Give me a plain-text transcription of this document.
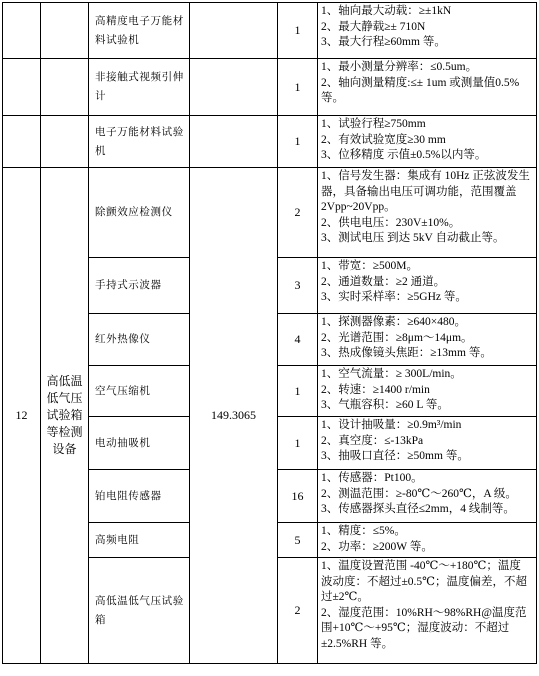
		高精度电子万能材料试验机		1	1、轴向最大动载：≥±1kN
2、最大静载≥± 710N
3、最大行程≥60mm 等。

		非接触式视频引伸计		1	1、最小测量分辨率：≤0.5um。
2、轴向测量精度:≤± 1um 或测量值0.5%等。

		电子万能材料试验机		1	1、试验行程≥750mm
2、有效试验宽度≥30 mm
3、位移精度 示值±0.5%以内等。

12	高低温低气压试验箱等检测设备	除颤效应检测仪	149.3065	2	1、信号发生器：集成有 10Hz 正弦波发生器，具备输出电压可调功能，范围覆盖 2Vpp~20Vpp。
2、供电电压：230V±10%。
3、测试电压 到达 5kV 自动截止等。

		手持式示波器		3	1、带宽：≥500M。
2、通道数量：≥2 通道。
3、实时采样率：≥5GHz 等。

		红外热像仪		4	1、探测器像素：≥640×480。
2、光谱范围：≥8μm～14μm。
3、热成像镜头焦距：≥13mm 等。

		空气压缩机		1	1、空气流量：≥ 300L/min。
2、转速：≥1400 r/min
3、气瓶容积：≥60 L 等。

		电动抽吸机		1	1、设计抽吸量：≥0.9m³/min
2、真空度：≤-13kPa
3、抽吸口直径：≥50mm 等。

		铂电阻传感器		16	1、传感器：Pt100。
2、测温范围：≥-80℃～260℃，A 级。
3、传感器探头直径≤2mm，4 线制等。

		高频电阻		5	1、精度：≤5%。
2、功率：≥200W 等。

		高低温低气压试验箱		2	1、温度设置范围 -40℃～+180℃；温度波动度：不超过±0.5℃；温度偏差，不超过±2℃。
2、湿度范围：10%RH～98%RH@温度范围+10℃～+95℃；湿度波动：不超过±2.5%RH 等。
